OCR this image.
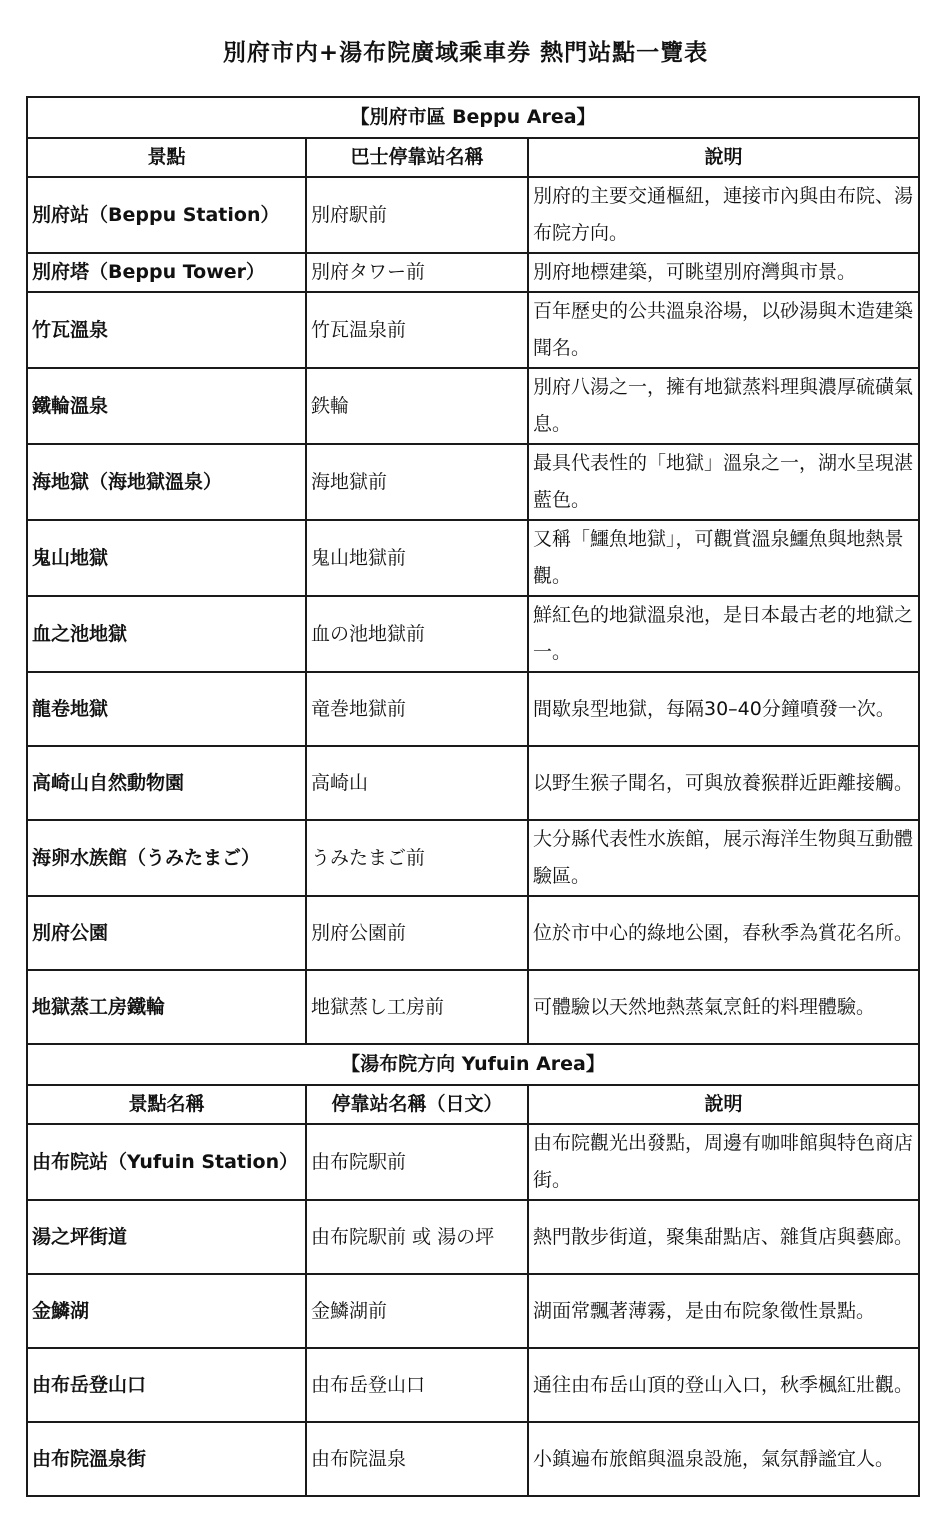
別府市内+湯布院廣域乘車券 熱門站點一覽表
【別府市區 Beppu Area】		
景點	巴士停靠站名稱	說明
別府站（Beppu Station）	別府駅前	別府的主要交通樞紐，連接市內與由布院、湯布院方向。
別府塔（Beppu Tower）	別府タワー前	別府地標建築，可眺望別府灣與市景。
竹瓦溫泉	竹瓦温泉前	百年歷史的公共溫泉浴場，以砂湯與木造建築聞名。
鐵輪溫泉	鉄輪	別府八湯之一，擁有地獄蒸料理與濃厚硫磺氣息。
海地獄（海地獄溫泉）	海地獄前	最具代表性的「地獄」溫泉之一，湖水呈現湛藍色。
鬼山地獄	鬼山地獄前	又稱「鱷魚地獄」，可觀賞溫泉鱷魚與地熱景觀。
血之池地獄	血の池地獄前	鮮紅色的地獄溫泉池，是日本最古老的地獄之一。
龍卷地獄	竜巻地獄前	間歇泉型地獄，每隔30–40分鐘噴發一次。
高崎山自然動物園	高崎山	以野生猴子聞名，可與放養猴群近距離接觸。
海卵水族館（うみたまご）	うみたまご前	大分縣代表性水族館，展示海洋生物與互動體驗區。
別府公園	別府公園前	位於市中心的綠地公園，春秋季為賞花名所。
地獄蒸工房鐵輪	地獄蒸し工房前	可體驗以天然地熱蒸氣烹飪的料理體驗。
【湯布院方向 Yufuin Area】		
景點名稱	停靠站名稱（日文）	說明
由布院站（Yufuin Station）	由布院駅前	由布院觀光出發點，周邊有咖啡館與特色商店街。
湯之坪街道	由布院駅前 或 湯の坪	熱門散步街道，聚集甜點店、雜貨店與藝廊。
金鱗湖	金鱗湖前	湖面常飄著薄霧，是由布院象徵性景點。
由布岳登山口	由布岳登山口	通往由布岳山頂的登山入口，秋季楓紅壯觀。
由布院溫泉街	由布院温泉	小鎮遍布旅館與溫泉設施，氣氛靜謐宜人。
